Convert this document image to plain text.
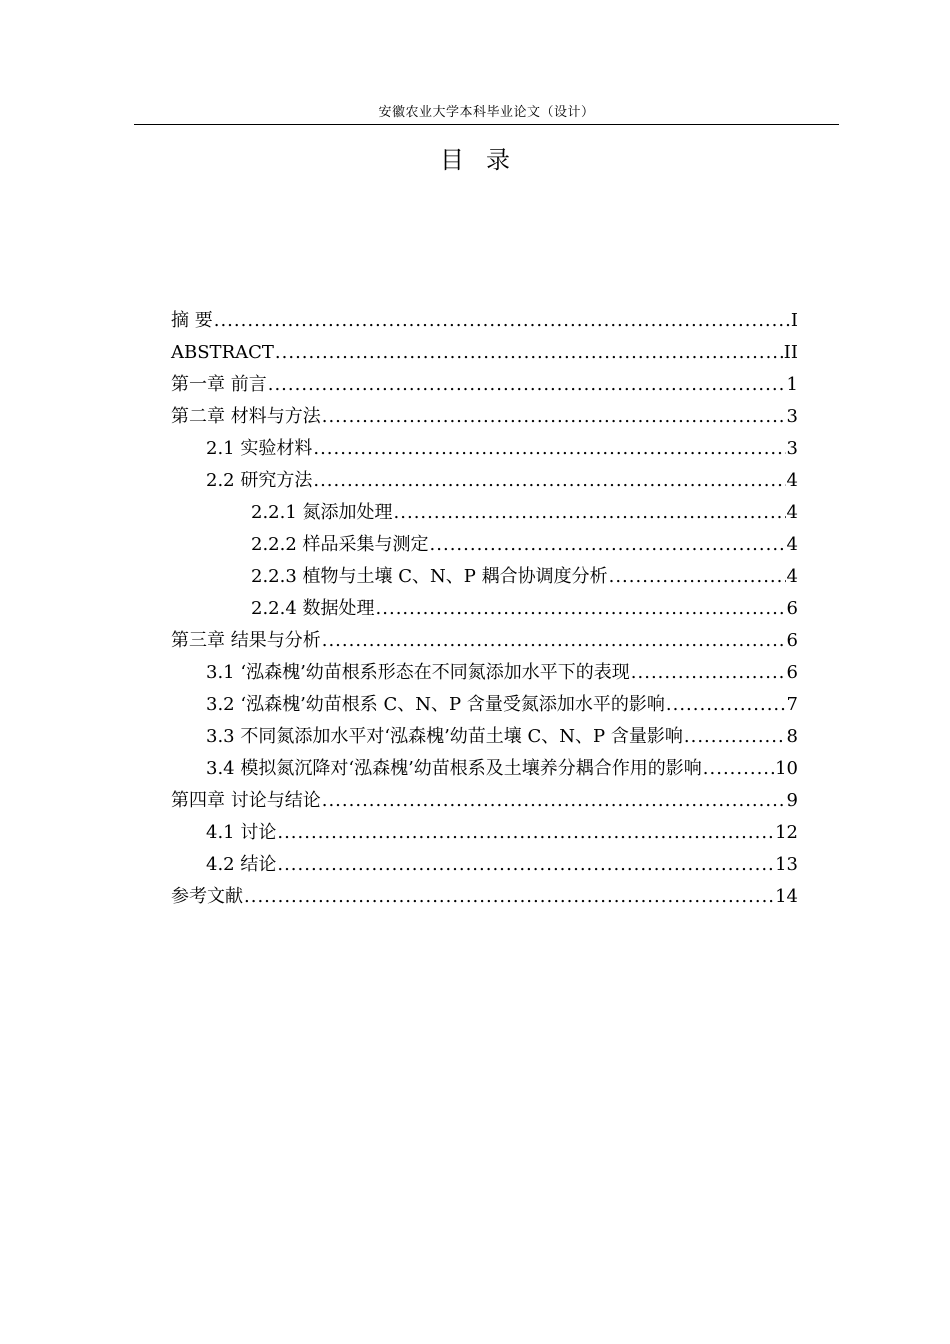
安徽农业大学本科毕业论文（设计）
目录
摘 要 .....	I
ABSTRACT .....	II
第一章 前言 .....	1
第二章 材料与方法 .....	3
2.1 实验材料 .....	3
2.2 研究方法 .....	4
2.2.1 氮添加处理 .....	4
2.2.2 样品采集与测定 .....	4
2.2.3 植物与土壤 C、N、P 耦合协调度分析 .....	4
2.2.4 数据处理 .....	6
第三章 结果与分析 .....	6
3.1 ‘泓森槐’幼苗根系形态在不同氮添加水平下的表现 .....	6
3.2 ‘泓森槐’幼苗根系 C、N、P 含量受氮添加水平的影响 .....	7
3.3 不同氮添加水平对‘泓森槐’幼苗土壤 C、N、P 含量影响 .....	8
3.4 模拟氮沉降对‘泓森槐’幼苗根系及土壤养分耦合作用的影响 .....	10
第四章 讨论与结论 .....	9
4.1 讨论 .....	12
4.2 结论 .....	13
参考文献 .....	14
